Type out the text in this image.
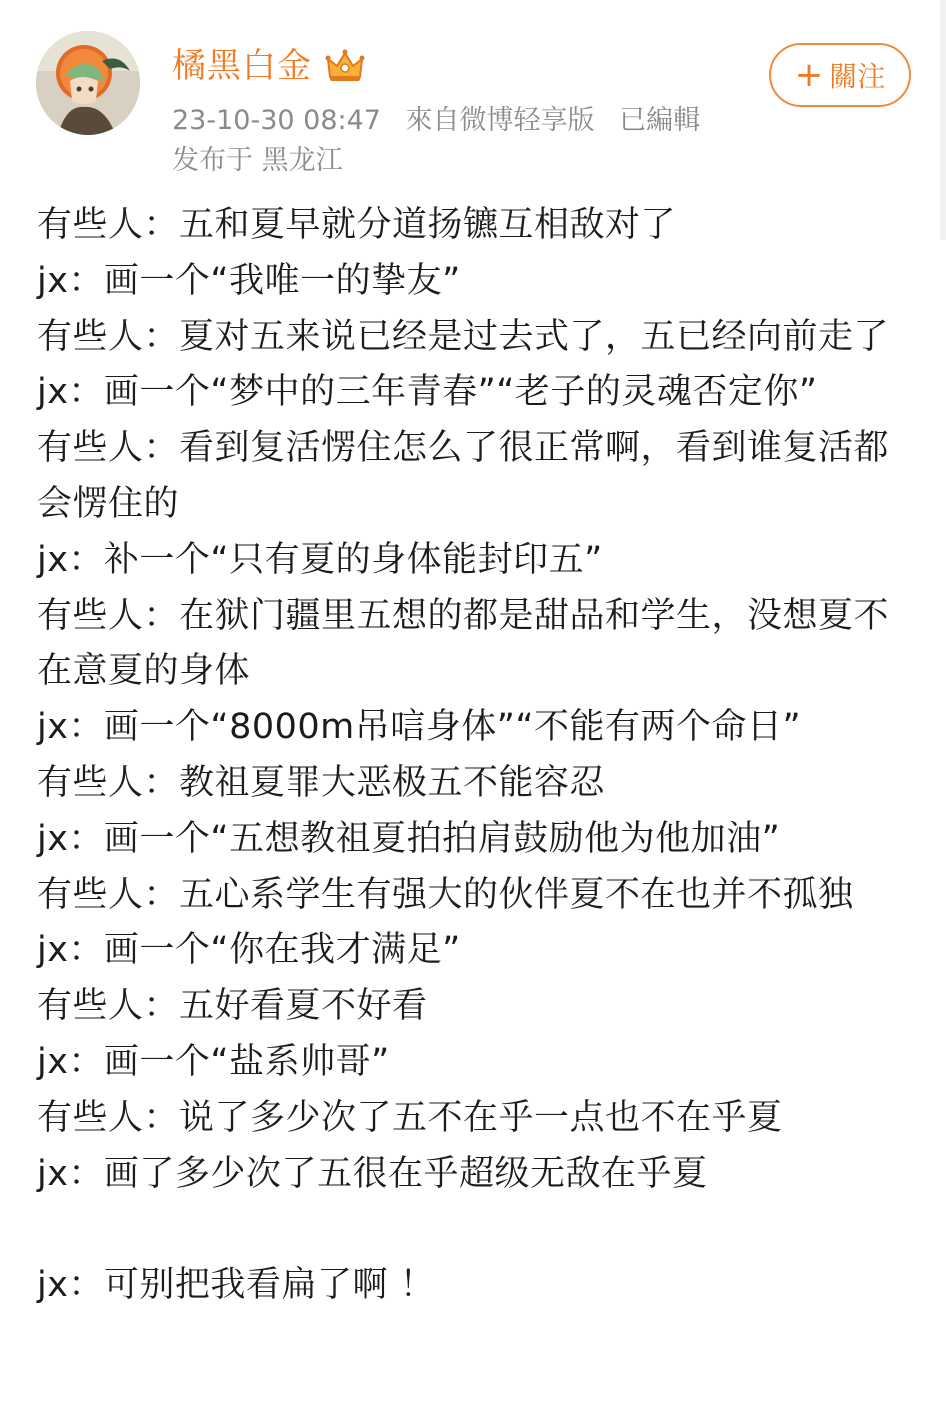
橘黑白金
23-10-30 08:47 來自微博轻享版 已編輯
发布于 黑龙江
+ 關注

有些人：五和夏早就分道扬镳互相敌对了

jx：画一个“我唯一的挚友”

有些人：夏对五来说已经是过去式了，五已经向前走了

jx：画一个“梦中的三年青春”“老子的灵魂否定你”

有些人：看到复活愣住怎么了很正常啊，看到谁复活都会愣住的

jx：补一个“只有夏的身体能封印五”

有些人：在狱门疆里五想的都是甜品和学生，没想夏不在意夏的身体

jx：画一个“8000m吊唁身体”“不能有两个命日”

有些人：教祖夏罪大恶极五不能容忍

jx：画一个“五想教祖夏拍拍肩鼓励他为他加油”

有些人：五心系学生有强大的伙伴夏不在也并不孤独

jx：画一个“你在我才满足”

有些人：五好看夏不好看

jx：画一个“盐系帅哥”

有些人：说了多少次了五不在乎一点也不在乎夏

jx：画了多少次了五很在乎超级无敌在乎夏

jx：可别把我看扁了啊 ！
